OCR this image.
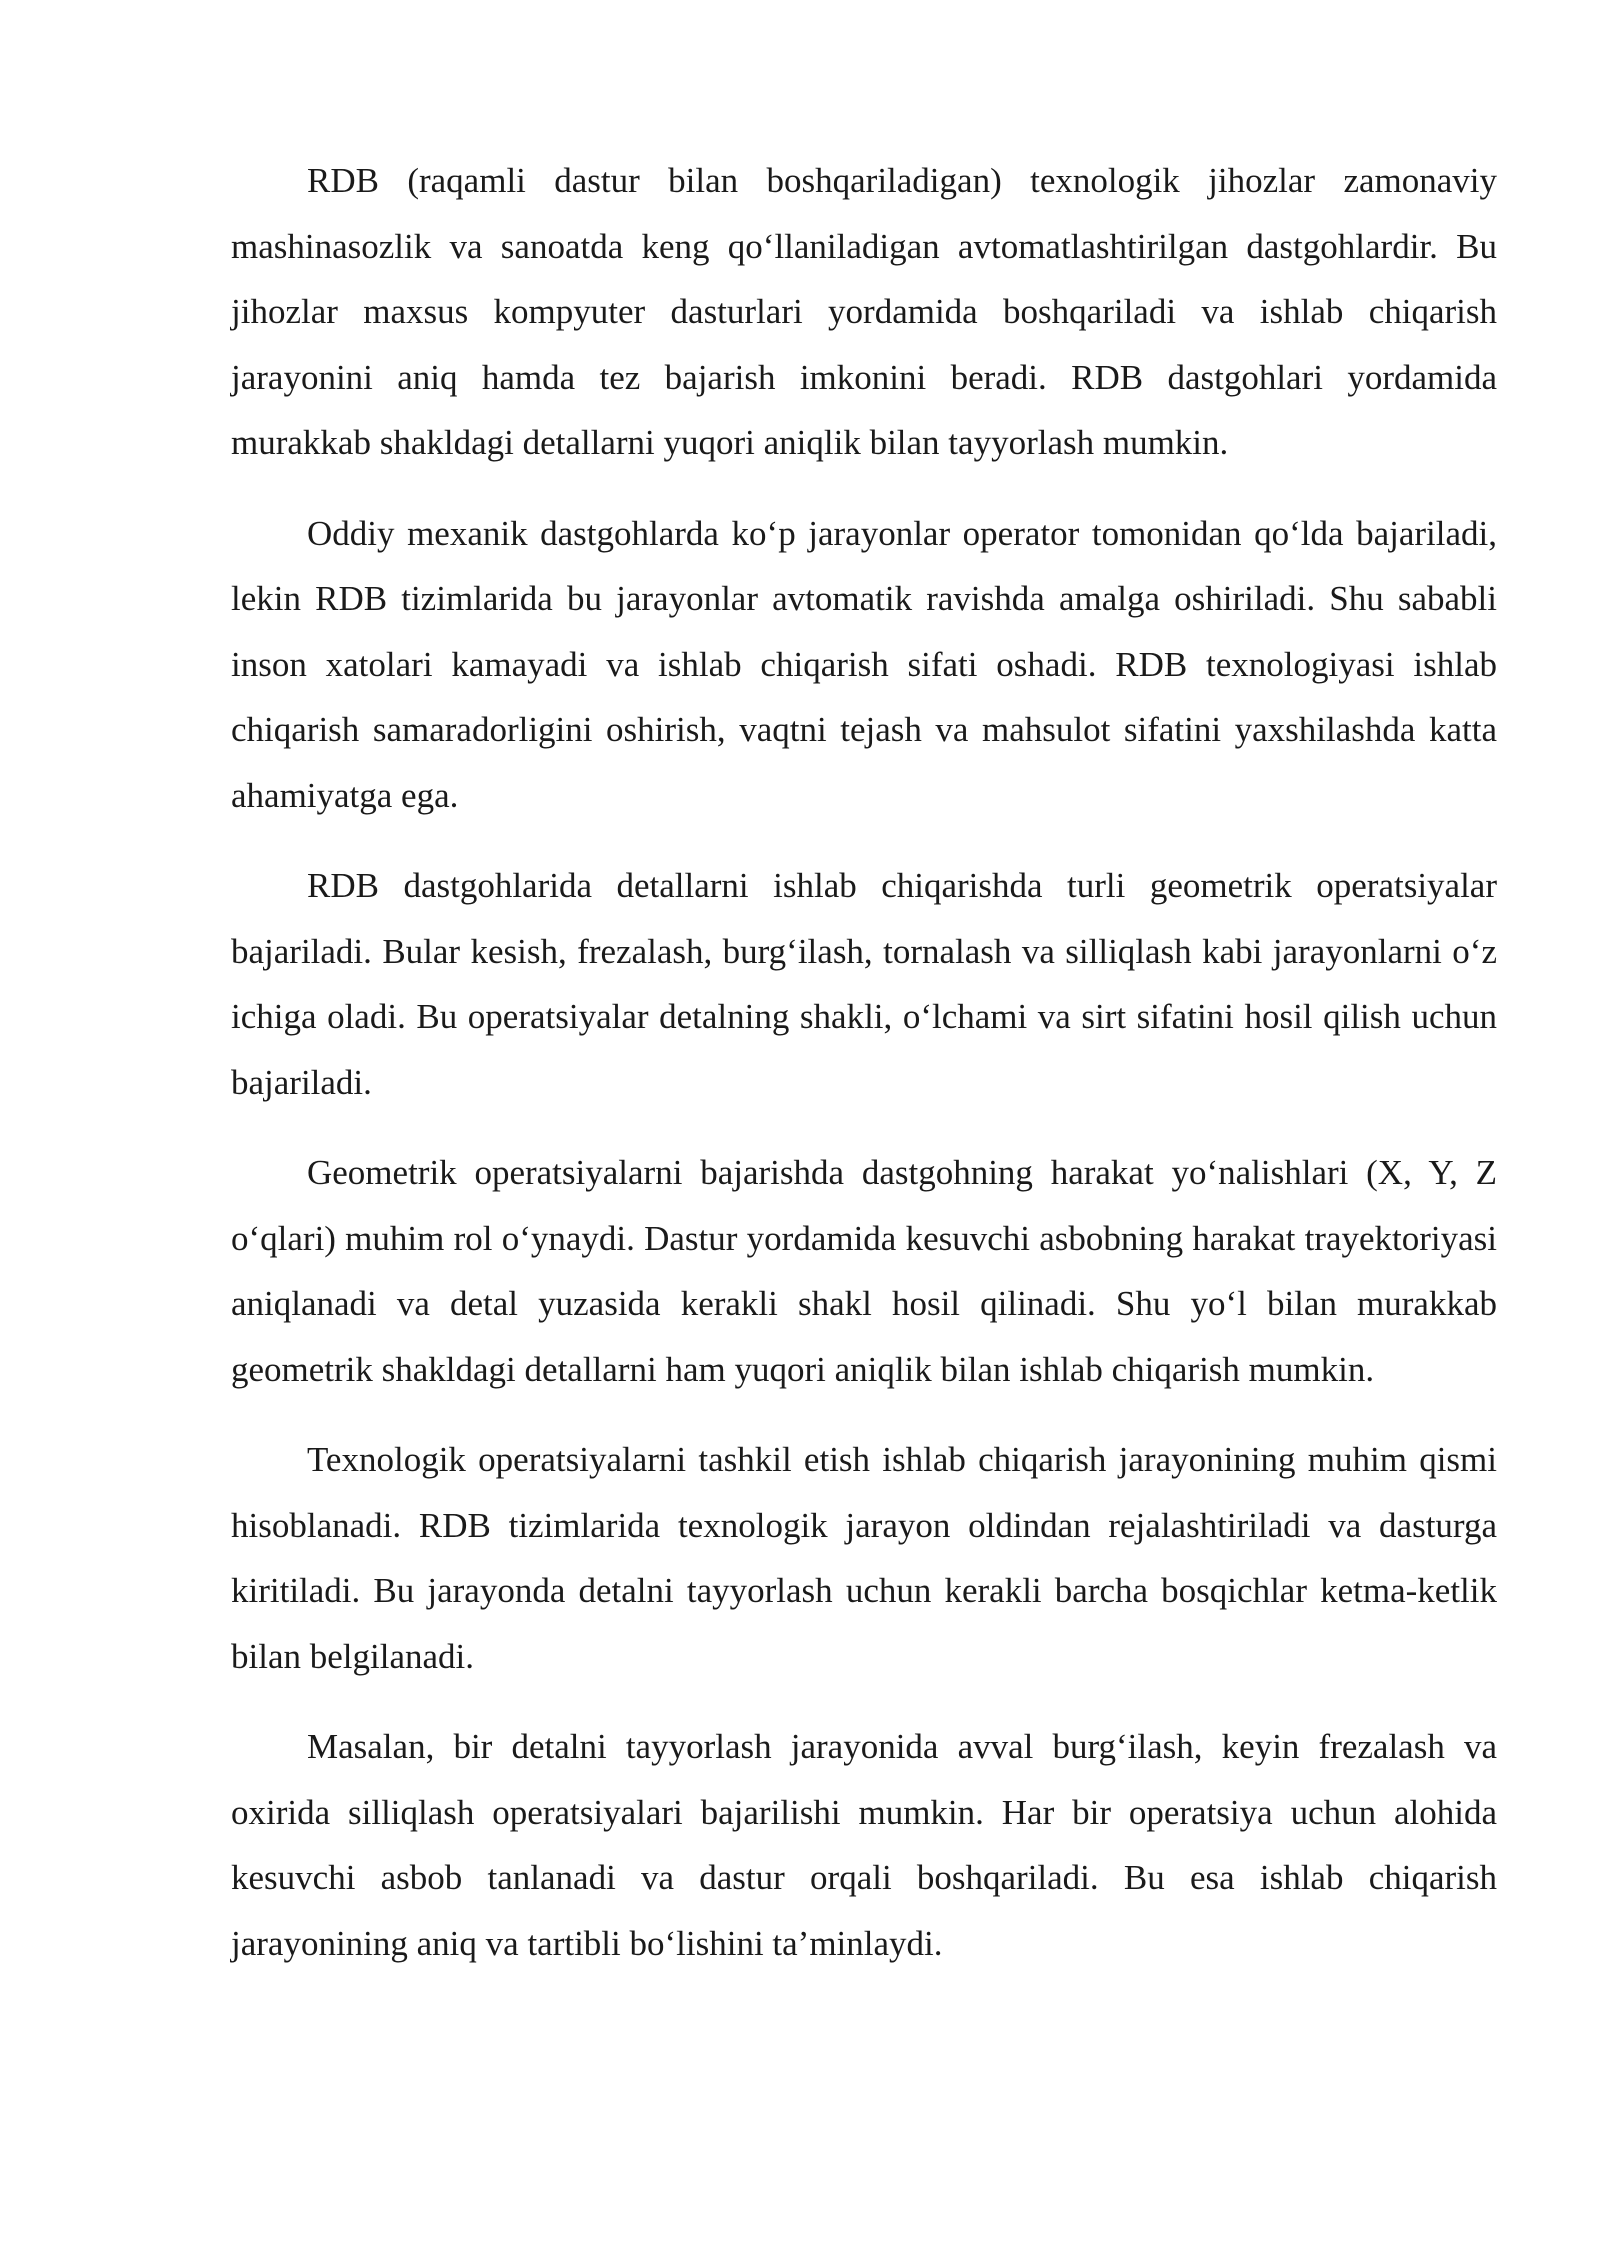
RDB (raqamli dastur bilan boshqariladigan) texnologik jihozlar zamonaviy mashinasozlik va sanoatda keng qo‘llaniladigan avtomatlashtirilgan dastgohlardir. Bu jihozlar maxsus kompyuter dasturlari yordamida boshqariladi va ishlab chiqarish jarayonini aniq hamda tez bajarish imkonini beradi. RDB dastgohlari yordamida murakkab shakldagi detallarni yuqori aniqlik bilan tayyorlash mumkin.

Oddiy mexanik dastgohlarda ko‘p jarayonlar operator tomonidan qo‘lda bajariladi, lekin RDB tizimlarida bu jarayonlar avtomatik ravishda amalga oshiriladi. Shu sababli inson xatolari kamayadi va ishlab chiqarish sifati oshadi. RDB texnologiyasi ishlab chiqarish samaradorligini oshirish, vaqtni tejash va mahsulot sifatini yaxshilashda katta ahamiyatga ega.

RDB dastgohlarida detallarni ishlab chiqarishda turli geometrik operatsiyalar bajariladi. Bular kesish, frezalash, burg‘ilash, tornalash va silliqlash kabi jarayonlarni o‘z ichiga oladi. Bu operatsiyalar detalning shakli, o‘lchami va sirt sifatini hosil qilish uchun bajariladi.

Geometrik operatsiyalarni bajarishda dastgohning harakat yo‘nalishlari (X, Y, Z o‘qlari) muhim rol o‘ynaydi. Dastur yordamida kesuvchi asbobning harakat trayektoriyasi aniqlanadi va detal yuzasida kerakli shakl hosil qilinadi. Shu yo‘l bilan murakkab geometrik shakldagi detallarni ham yuqori aniqlik bilan ishlab chiqarish mumkin.

Texnologik operatsiyalarni tashkil etish ishlab chiqarish jarayonining muhim qismi hisoblanadi. RDB tizimlarida texnologik jarayon oldindan rejalashtiriladi va dasturga kiritiladi. Bu jarayonda detalni tayyorlash uchun kerakli barcha bosqichlar ketma-ketlik bilan belgilanadi.

Masalan, bir detalni tayyorlash jarayonida avval burg‘ilash, keyin frezalash va oxirida silliqlash operatsiyalari bajarilishi mumkin. Har bir operatsiya uchun alohida kesuvchi asbob tanlanadi va dastur orqali boshqariladi. Bu esa ishlab chiqarish jarayonining aniq va tartibli bo‘lishini ta’minlaydi.
